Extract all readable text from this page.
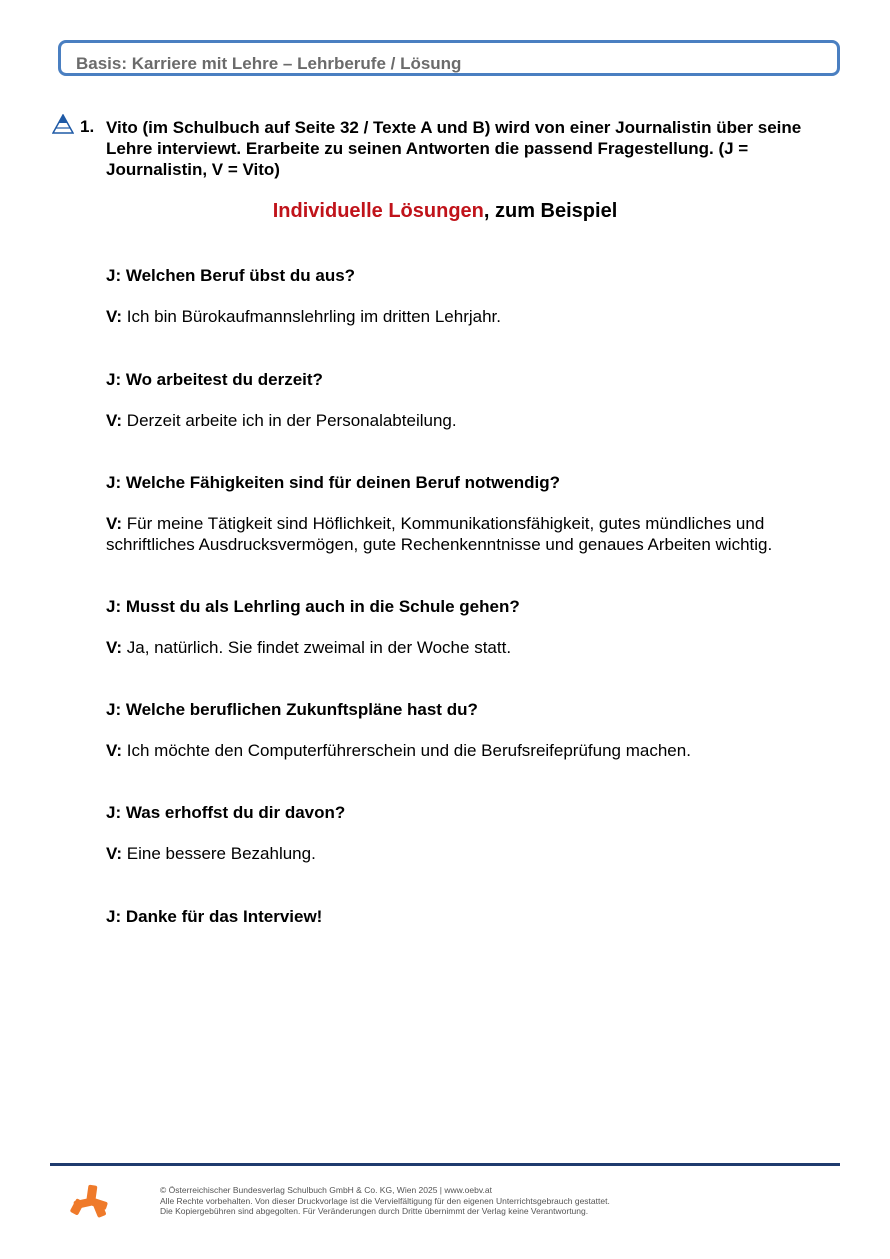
Basis: Karriere mit Lehre – Lehrberufe / Lösung
1. Vito (im Schulbuch auf Seite 32 / Texte A und B) wird von einer Journalistin über seine Lehre interviewt. Erarbeite zu seinen Antworten die passend Fragestellung. (J = Journalistin, V = Vito)
Individuelle Lösungen, zum Beispiel
J: Welchen Beruf übst du aus?
V: Ich bin Bürokaufmannslehrling im dritten Lehrjahr.
J: Wo arbeitest du derzeit?
V: Derzeit arbeite ich in der Personalabteilung.
J: Welche Fähigkeiten sind für deinen Beruf notwendig?
V: Für meine Tätigkeit sind Höflichkeit, Kommunikationsfähigkeit, gutes mündliches und schriftliches Ausdrucksvermögen, gute Rechenkenntnisse und genaues Arbeiten wichtig.
J: Musst du als Lehrling auch in die Schule gehen?
V: Ja, natürlich. Sie findet zweimal in der Woche statt.
J: Welche beruflichen Zukunftspläne hast du?
V: Ich möchte den Computerführerschein und die Berufsreifeprüfung machen.
J: Was erhoffst du dir davon?
V: Eine bessere Bezahlung.
J: Danke für das Interview!
© Österreichischer Bundesverlag Schulbuch GmbH & Co. KG, Wien 2025 | www.oebv.at
Alle Rechte vorbehalten. Von dieser Druckvorlage ist die Vervielfältigung für den eigenen Unterrichtsgebrauch gestattet.
Die Kopiergebühren sind abgegolten. Für Veränderungen durch Dritte übernimmt der Verlag keine Verantwortung.
